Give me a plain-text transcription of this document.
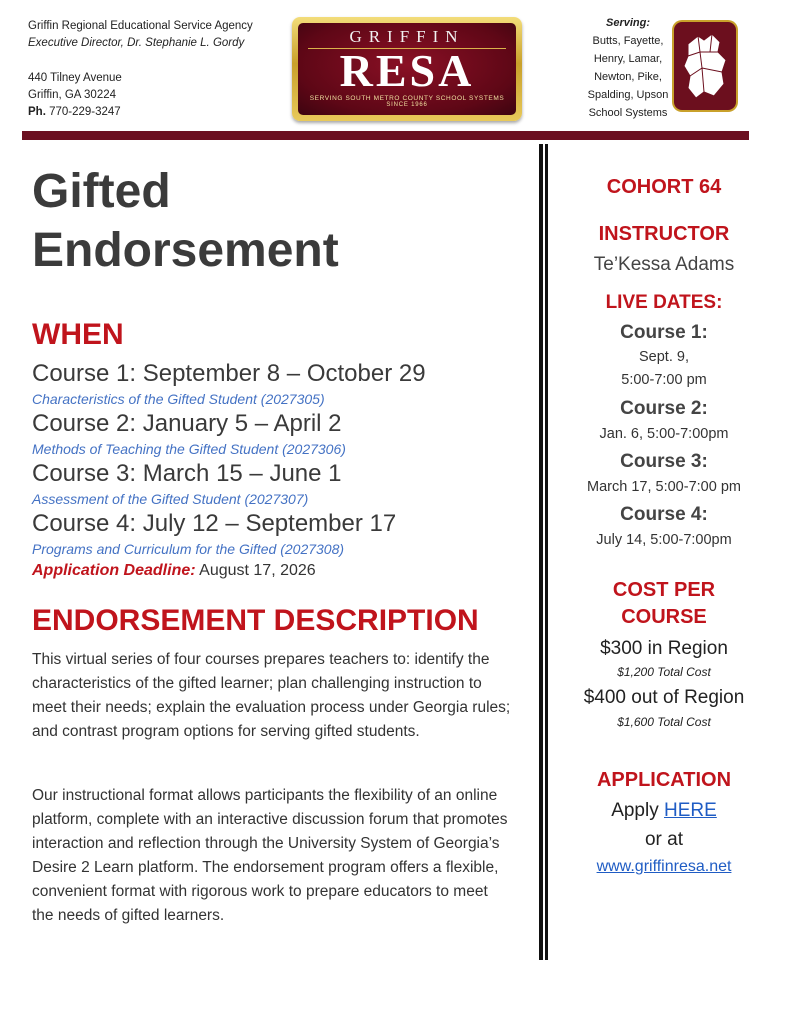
Griffin Regional Educational Service Agency
Executive Director, Dr. Stephanie L. Gordy
440 Tilney Avenue
Griffin, GA 30224
Ph. 770-229-3247
GRIFFIN
RESA
SERVING SOUTH METRO COUNTY SCHOOL SYSTEMS
SINCE 1966
Serving:
Butts, Fayette,
Henry, Lamar,
Newton, Pike,
Spalding, Upson
School Systems
Gifted
Endorsement
WHEN
Course 1: September 8 – October 29
Characteristics of the Gifted Student (2027305)
Course 2: January 5 – April 2
Methods of Teaching the Gifted Student (2027306)
Course 3: March 15 – June 1
Assessment of the Gifted Student (2027307)
Course 4: July 12 – September 17
Programs and Curriculum for the Gifted (2027308)
Application Deadline: August 17, 2026
ENDORSEMENT DESCRIPTION
This virtual series of four courses prepares teachers to: identify the characteristics of the gifted learner; plan challenging instruction to meet their needs; explain the evaluation process under Georgia rules; and contrast program options for serving gifted students.
Our instructional format allows participants the flexibility of an online platform, complete with an interactive discussion forum that promotes interaction and reflection through the University System of Georgia’s Desire 2 Learn platform. The endorsement program offers a flexible, convenient format with rigorous work to prepare educators to meet the needs of gifted learners.
COHORT 64
INSTRUCTOR
Te’Kessa Adams
LIVE DATES:
Course 1:
Sept. 9,
5:00-7:00 pm
Course 2:
Jan. 6, 5:00-7:00pm
Course 3:
March 17, 5:00-7:00 pm
Course 4:
July 14, 5:00-7:00pm
COST PER
COURSE
$300 in Region
$1,200 Total Cost
$400 out of Region
$1,600 Total Cost
APPLICATION
Apply HERE
or at
www.griffinresa.net
